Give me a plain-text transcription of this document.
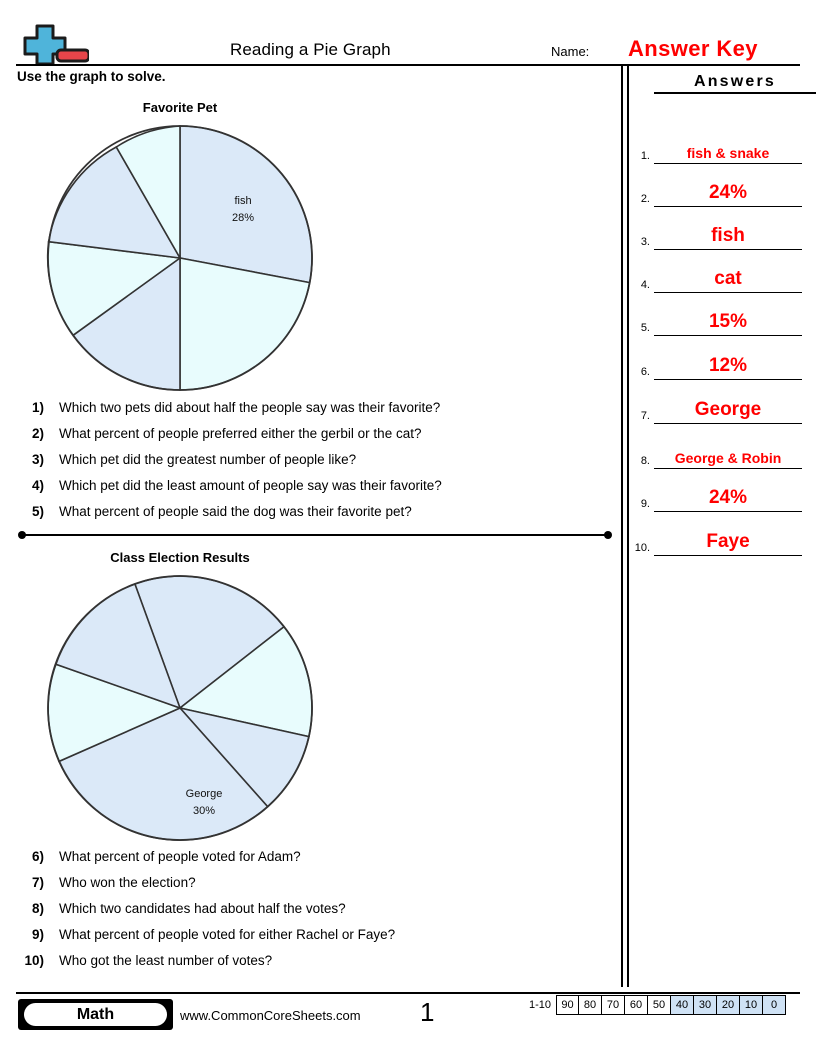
Reading a Pie Graph	Name: Answer Key
Use the graph to solve.
Favorite Pet
fish
28%
1)	Which two pets did about half the people say was their favorite?
2)	What percent of people preferred either the gerbil or the cat?
3)	Which pet did the greatest number of people like?
4)	Which pet did the least amount of people say was their favorite?
5)	What percent of people said the dog was their favorite pet?
Class Election Results
George
30%
6)	What percent of people voted for Adam?
7)	Who won the election?
8)	Which two candidates had about half the votes?
9)	What percent of people voted for either Rachel or Faye?
10)	Who got the least number of votes?
Answers
1.	fish & snake
2.	24%
3.	fish
4.	cat
5.	15%
6.	12%
7.	George
8.	George & Robin
9.	24%
10.	Faye
Math	www.CommonCoreSheets.com 1	1-10 90 80 70 60 50 40 30 20 10	0
